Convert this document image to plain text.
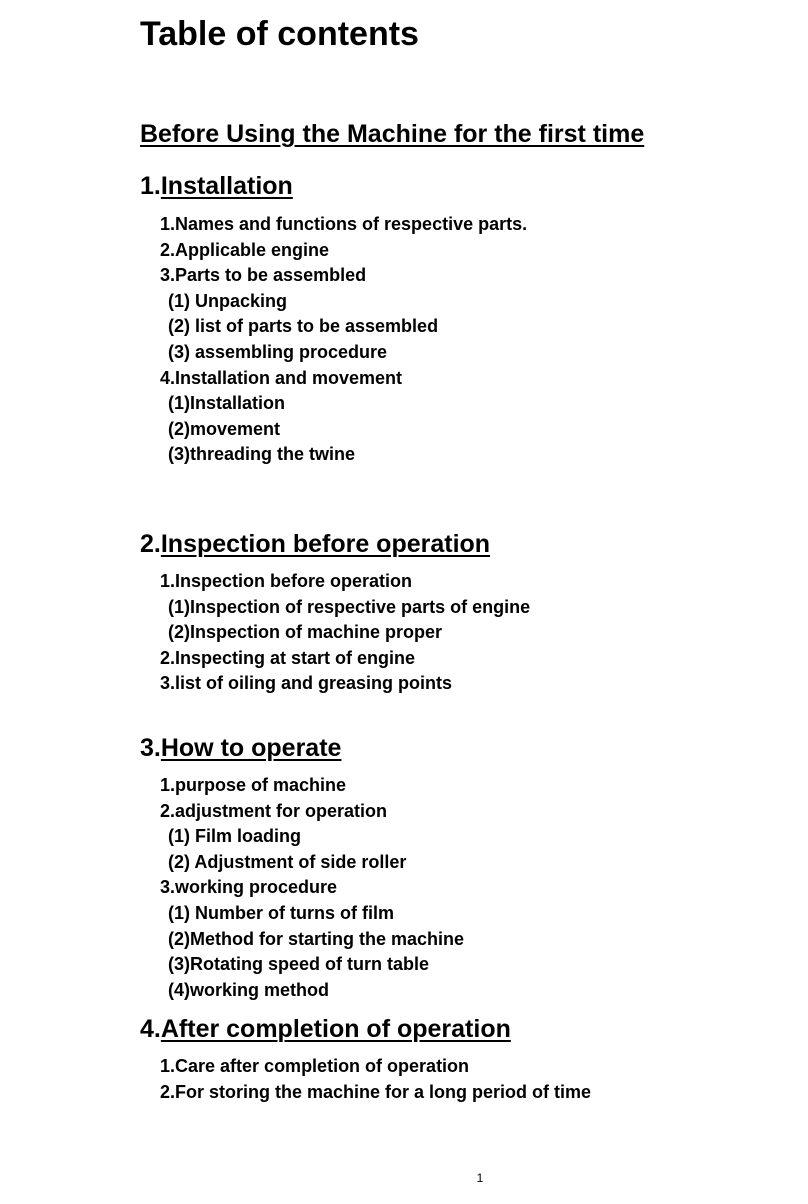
Table of contents
Before Using the Machine for the first time
1.Installation
1.Names and functions of respective parts.
2.Applicable engine
3.Parts to be assembled
(1) Unpacking
(2) list of parts to be assembled
(3) assembling procedure
4.Installation and movement
(1)Installation
(2)movement
(3)threading the twine
2.Inspection before operation
1.Inspection before operation
(1)Inspection of respective parts of engine
(2)Inspection of machine proper
2.Inspecting at start of engine
3.list of oiling and greasing points
3.How to operate
1.purpose of machine
2.adjustment for operation
(1) Film loading
(2) Adjustment of side roller
3.working procedure
(1) Number of turns of film
(2)Method for starting the machine
(3)Rotating speed of turn table
(4)working method
4.After completion of operation
1.Care after completion of operation
2.For storing the machine for a long period of time
1
